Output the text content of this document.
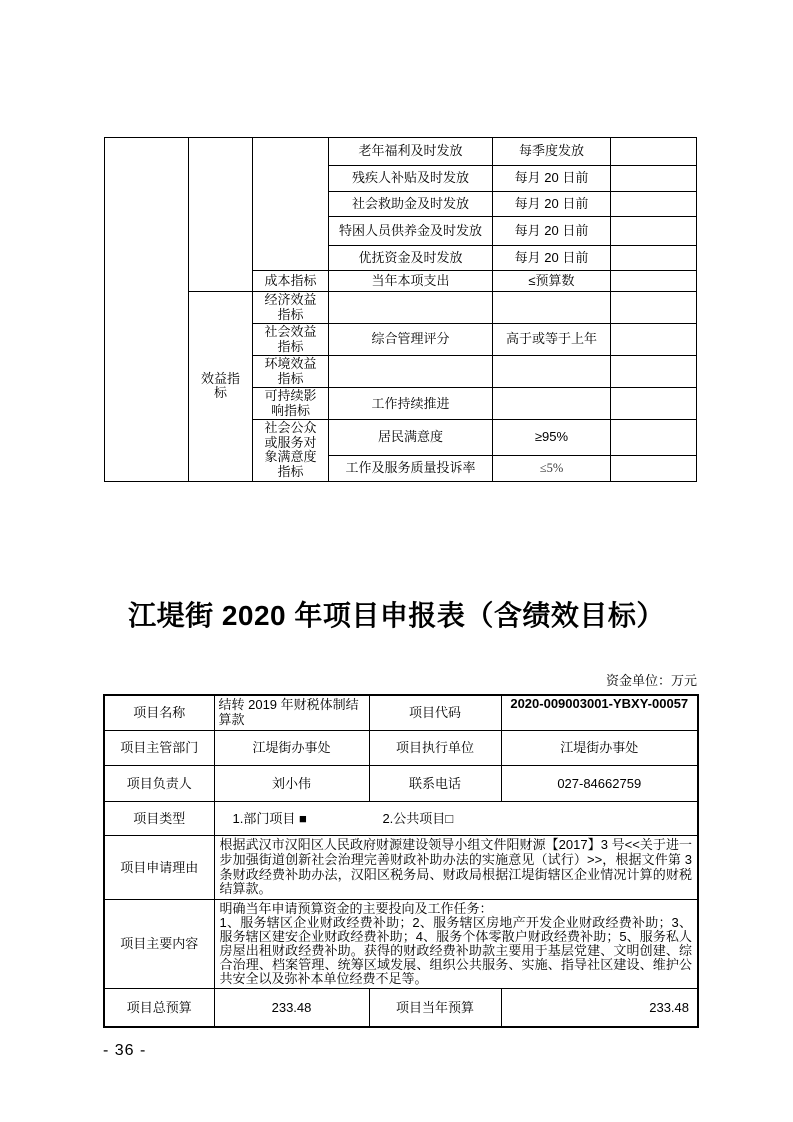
			老年福利及时发放	每季度发放	
			残疾人补贴及时发放	每月 20 日前	
			社会救助金及时发放	每月 20 日前	
			特困人员供养金及时发放	每月 20 日前	
			优抚资金及时发放	每月 20 日前	
		成本指标	当年本项支出	≤预算数	

	效益指标	经济效益指标			

		社会效益指标	综合管理评分	高于或等于上年	

		环境效益指标			

		可持续影响指标	工作持续推进		

		社会公众或服务对象满意度指标	居民满意度	≥95%	
			工作及服务质量投诉率	≤5%	
江堤街 2020 年项目申报表（含绩效目标）
资金单位：万元
项目名称	结转 2019 年财税体制结算款	项目代码	2020-009003001-YBXY-00057
项目主管部门	江堤街办事处	项目执行单位	江堤街办事处
项目负责人	刘小伟	联系电话	027-84662759
项目类型	1.部门项目 ■ 2.公共项目□		
项目申请理由	根据武汉市汉阳区人民政府财源建设领导小组文件阳财源【2017】3 号<<关于进一步加强街道创新社会治理完善财政补助办法的实施意见（试行）>>，根据文件第 3 条财政经费补助办法，汉阳区税务局、财政局根据江堤街辖区企业情况计算的财税结算款。		
项目主要内容	明确当年申请预算资金的主要投向及工作任务：
1、服务辖区企业财政经费补助；2、服务辖区房地产开发企业财政经费补助；3、服务辖区建安企业财政经费补助；4、服务个体零散户财政经费补助；5、服务私人房屋出租财政经费补助。获得的财政经费补助款主要用于基层党建、文明创建、综合治理、档案管理、统筹区域发展、组织公共服务、实施、指导社区建设、维护公共安全以及弥补本单位经费不足等。		

项目总预算	233.48	项目当年预算	233.48
- 36 -
